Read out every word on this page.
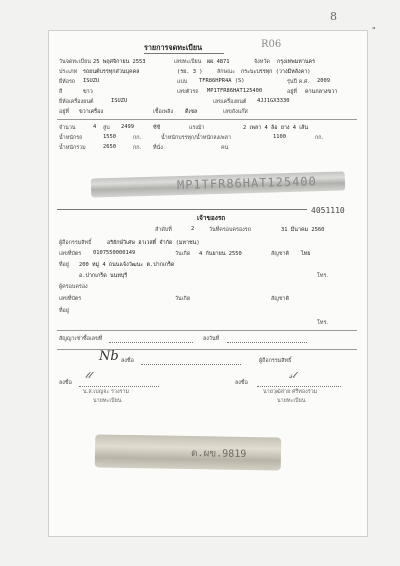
8
"
รายการจดทะเบียน	R06
วันจดทะเบียน 25 พฤศจิกายน 2553	เลขทะเบียน ผผ 4871	จังหวัด กรุงเทพมหานคร
ประเภท รถยนต์บรรทุกส่วนบุคคล	(รย. 3 )	ลักษณะ กระบะบรรทุก (วางมีหลังคา)
ยี่ห้อรถ ISUZU	แบบ TFR86HPR4A (S)	รุ่นปี ค.ศ. 2009
สี	ขาว	เลขตัวรถ MP1TFR86HAT125400	อยู่ที่ คานกลางขวา
ยี่ห้อเครื่องยนต์	ISUZU	เลขเครื่องยนต์ 4JJ1GX3330
อยู่ที่ ขวาเครื่อง	เชื้อเพลิง ดีเซล	เลขถังแก๊ส
จำนวน	4 สูบ 2499	ซีซี	แรงม้า	2 เพลา 4 ล้อ ยาง 4 เส้น
น้ำหนักรถ	1550	กก.	น้ำหนักบรรทุก/น้ำหนักลงเพลา	1100	กก.
น้ำหนักรวม	2650	กก. ที่นั่ง	คน
MP1TFR86HAT125400
4051110
เจ้าของรถ
ลำดับที่	2	วันที่ครอบครองรถ	31 มีนาคม 2560
ผู้ถือกรรมสิทธิ์	อริยักษ์วิเศษ ฮาเวสติ์ จำกัด (มหาชน)
เลขที่บัตร 0107550000149	วันเกิด 4 กันยายน 2550	สัญชาติ ไทย
ที่อยู่ 200 หมู่ 4 ถนนแจ้งวัฒนะ ต.ปากเกร็ด
อ.ปากเกร็ด นนทบุรี	โทร.
ผู้ครอบครอง
เลขที่บัตร	วันเกิด	สัญชาติ
ที่อยู่
โทร.
สัญญาเช่าซื้อเลขที่	ลงวันที่
Nb ลงชื่อ	ผู้ถือกรรมสิทธิ์
ลงชื่อ
𝓁𝓁
น.ส.เบญจะ รวงราม
นายทะเบียน
ลงชื่อ
𝓈𝓁
นายวุฒิสาย ศรีทองร่วม
นายทะเบียน
ด.ผข.9819
